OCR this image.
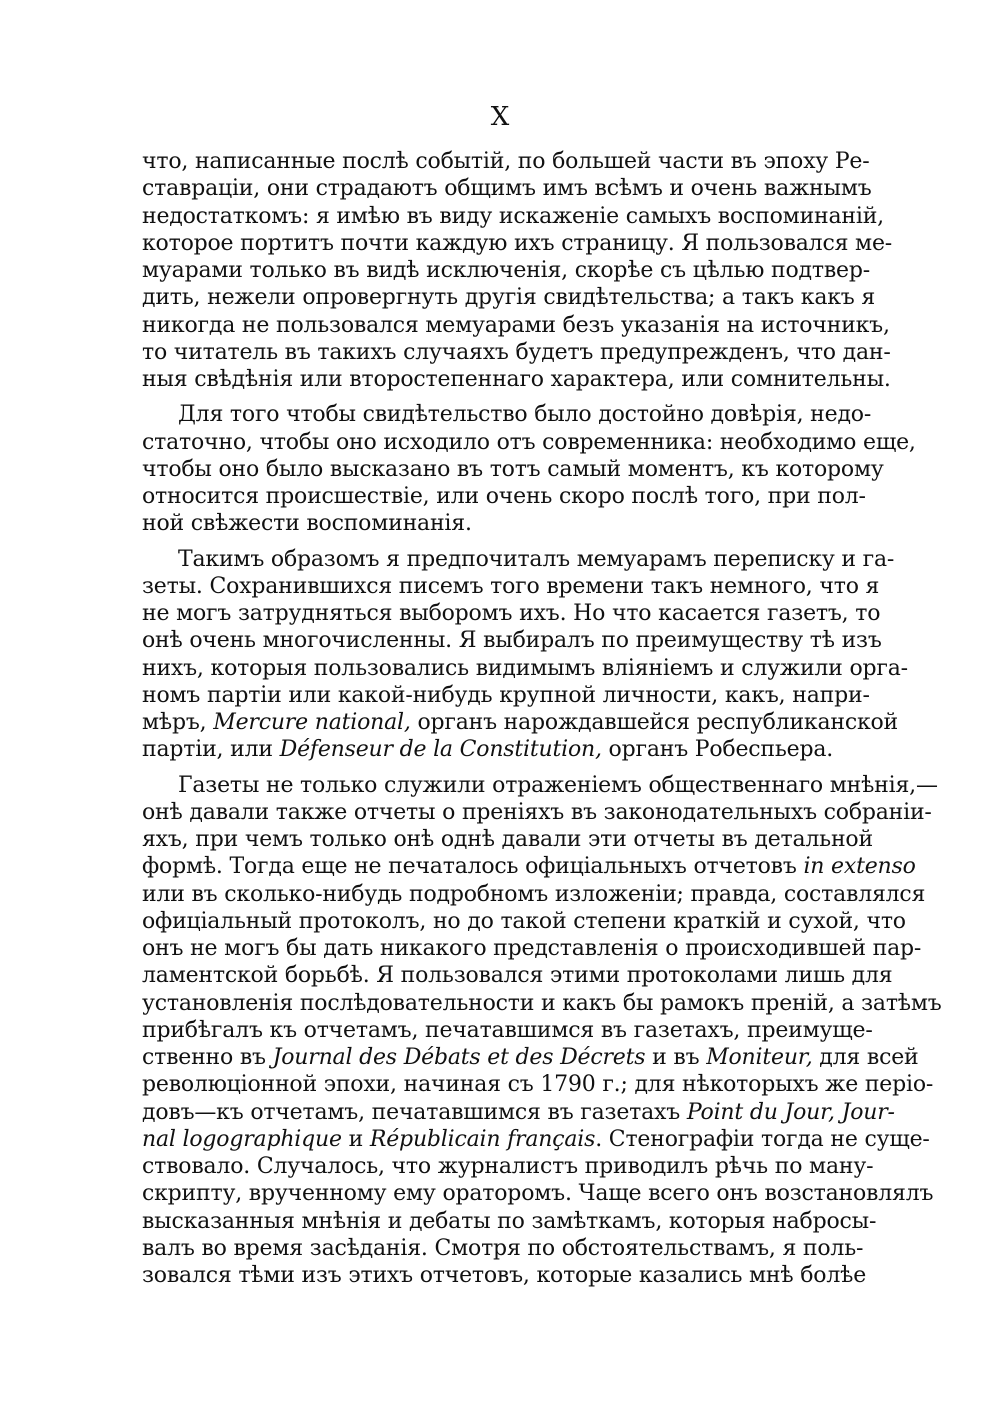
X
что, написанные послѣ событій, по большей части въ эпоху Ре-
ставраціи, они страдаютъ общимъ имъ всѣмъ и очень важнымъ
недостаткомъ: я имѣю въ виду искаженіе самыхъ воспоминаній,
которое портитъ почти каждую ихъ страницу. Я пользовался ме-
муарами только въ видѣ исключенія, скорѣе съ цѣлью подтвер-
дить, нежели опровергнуть другія свидѣтельства; а такъ какъ я
никогда не пользовался мемуарами безъ указанія на источникъ,
то читатель въ такихъ случаяхъ будетъ предупрежденъ, что дан-
ныя свѣдѣнія или второстепеннаго характера, или сомнительны.
Для того чтобы свидѣтельство было достойно довѣрія, недо-
статочно, чтобы оно исходило отъ современника: необходимо еще,
чтобы оно было высказано въ тотъ самый моментъ, къ которому
относится происшествіе, или очень скоро послѣ того, при пол-
ной свѣжести воспоминанія.
Такимъ образомъ я предпочиталъ мемуарамъ переписку и га-
зеты. Сохранившихся писемъ того времени такъ немного, что я
не могъ затрудняться выборомъ ихъ. Но что касается газетъ, то
онѣ очень многочисленны. Я выбиралъ по преимуществу тѣ изъ
нихъ, которыя пользовались видимымъ вліяніемъ и служили орга-
номъ партіи или какой-нибудь крупной личности, какъ, напри-
мѣръ, Mercure national, органъ нарождавшейся республиканской
партіи, или Défenseur de la Constitution, органъ Робеспьера.
Газеты не только служили отраженіемъ общественнаго мнѣнія,—
онѣ давали также отчеты о преніяхъ въ законодательныхъ собраніи-
яхъ, при чемъ только онѣ однѣ давали эти отчеты въ детальной
формѣ. Тогда еще не печаталось офиціальныхъ отчетовъ in extenso
или въ сколько-нибудь подробномъ изложеніи; правда, составлялся
офиціальный протоколъ, но до такой степени краткій и сухой, что
онъ не могъ бы дать никакого представленія о происходившей пар-
ламентской борьбѣ. Я пользовался этими протоколами лишь для
установленія послѣдовательности и какъ бы рамокъ преній, а затѣмъ
прибѣгалъ къ отчетамъ, печатавшимся въ газетахъ, преимуще-
ственно въ Journal des Débats et des Décrets и въ Moniteur, для всей
революціонной эпохи, начиная съ 1790 г.; для нѣкоторыхъ же періо-
довъ—къ отчетамъ, печатавшимся въ газетахъ Point du Jour, Jour-
nal logographique и Républicain français. Стенографіи тогда не суще-
ствовало. Случалось, что журналистъ приводилъ рѣчь по ману-
скрипту, врученному ему ораторомъ. Чаще всего онъ возстановлялъ
высказанныя мнѣнія и дебаты по замѣткамъ, которыя набросы-
валъ во время засѣданія. Смотря по обстоятельствамъ, я поль-
зовался тѣми изъ этихъ отчетовъ, которые казались мнѣ болѣе
